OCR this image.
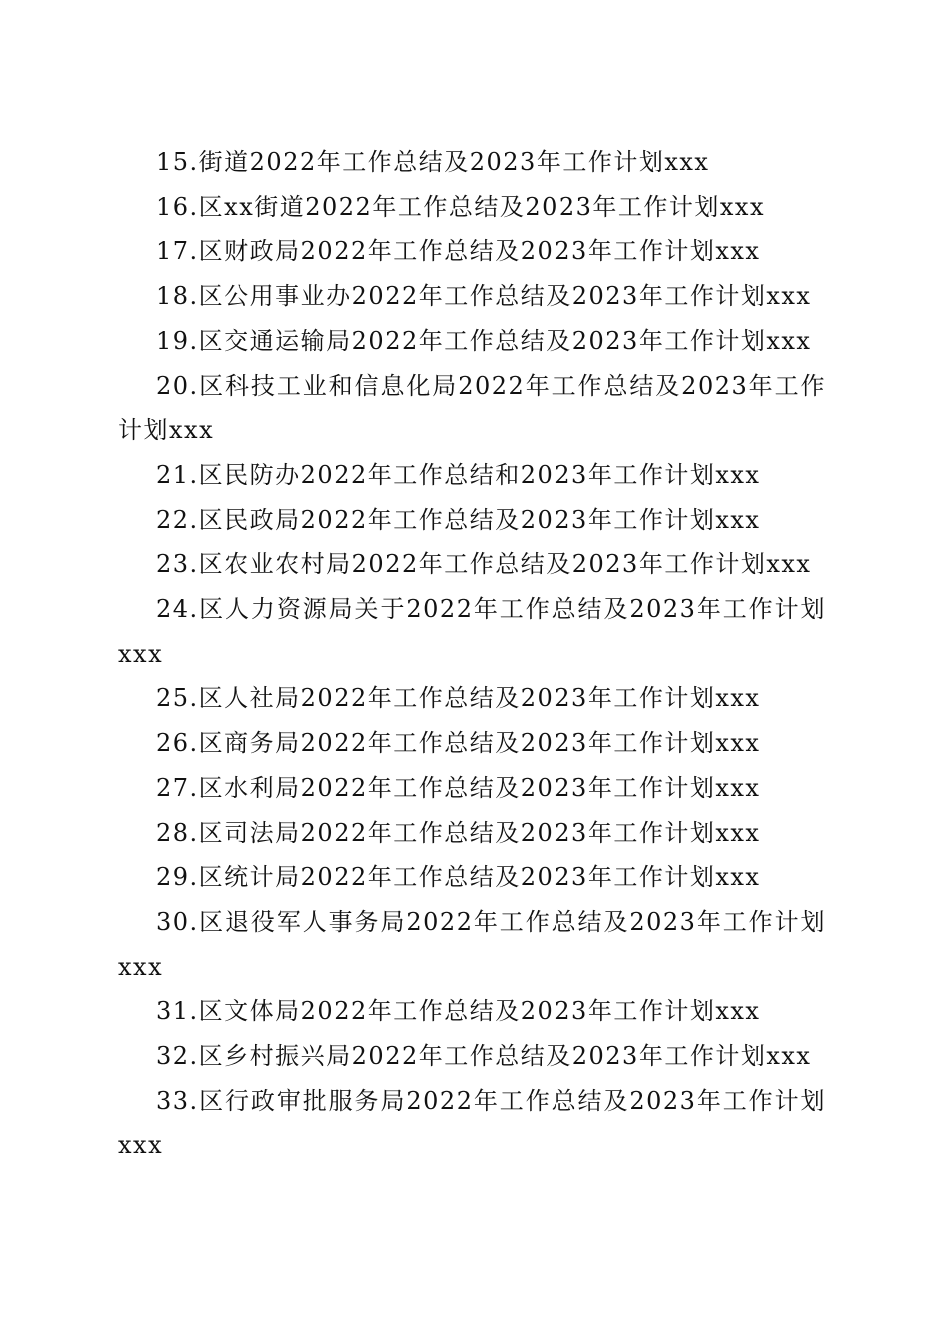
15.街道2022年工作总结及2023年工作计划xxx

16.区xx街道2022年工作总结及2023年工作计划xxx

17.区财政局2022年工作总结及2023年工作计划xxx

18.区公用事业办2022年工作总结及2023年工作计划xxx

19.区交通运输局2022年工作总结及2023年工作计划xxx

20.区科技工业和信息化局2022年工作总结及2023年工作计划xxx

21.区民防办2022年工作总结和2023年工作计划xxx

22.区民政局2022年工作总结及2023年工作计划xxx

23.区农业农村局2022年工作总结及2023年工作计划xxx

24.区人力资源局关于2022年工作总结及2023年工作计划xxx

25.区人社局2022年工作总结及2023年工作计划xxx

26.区商务局2022年工作总结及2023年工作计划xxx

27.区水利局2022年工作总结及2023年工作计划xxx

28.区司法局2022年工作总结及2023年工作计划xxx

29.区统计局2022年工作总结及2023年工作计划xxx

30.区退役军人事务局2022年工作总结及2023年工作计划xxx

31.区文体局2022年工作总结及2023年工作计划xxx

32.区乡村振兴局2022年工作总结及2023年工作计划xxx

33.区行政审批服务局2022年工作总结及2023年工作计划xxx
